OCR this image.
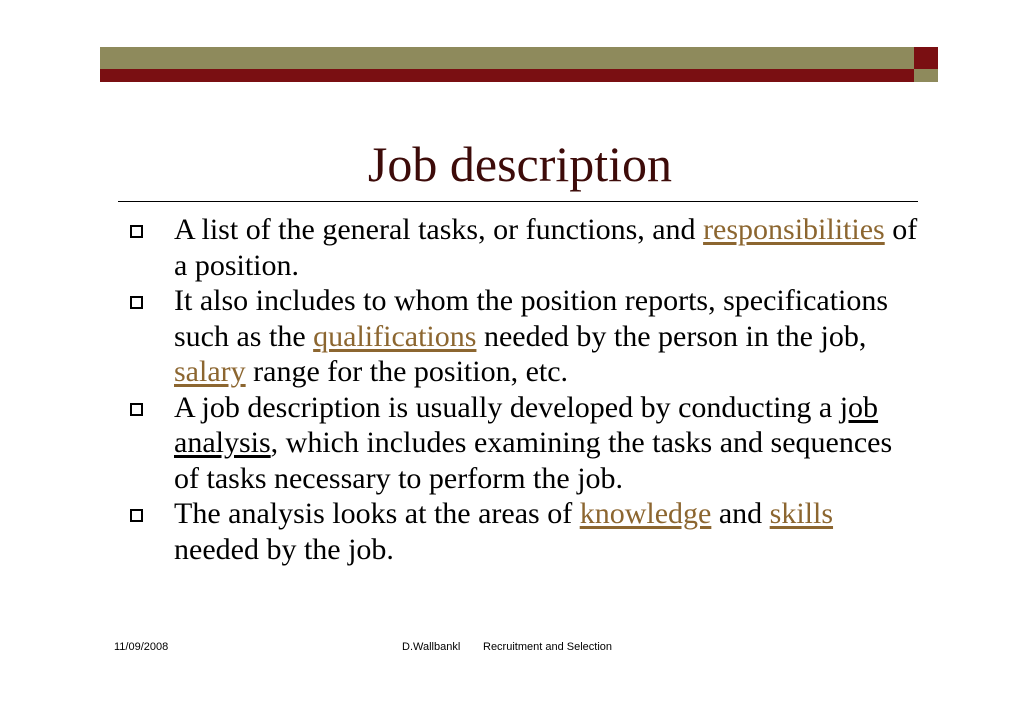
Job description
A list of the general tasks, or functions, and responsibilities of a position.
It also includes to whom the position reports, specifications such as the qualifications needed by the person in the job, salary range for the position, etc.
A job description is usually developed by conducting a job analysis, which includes examining the tasks and sequences of tasks necessary to perform the job.
The analysis looks at the areas of knowledge and skills needed by the job.
11/09/2008	D.Wallbankl Recruitment and Selection
